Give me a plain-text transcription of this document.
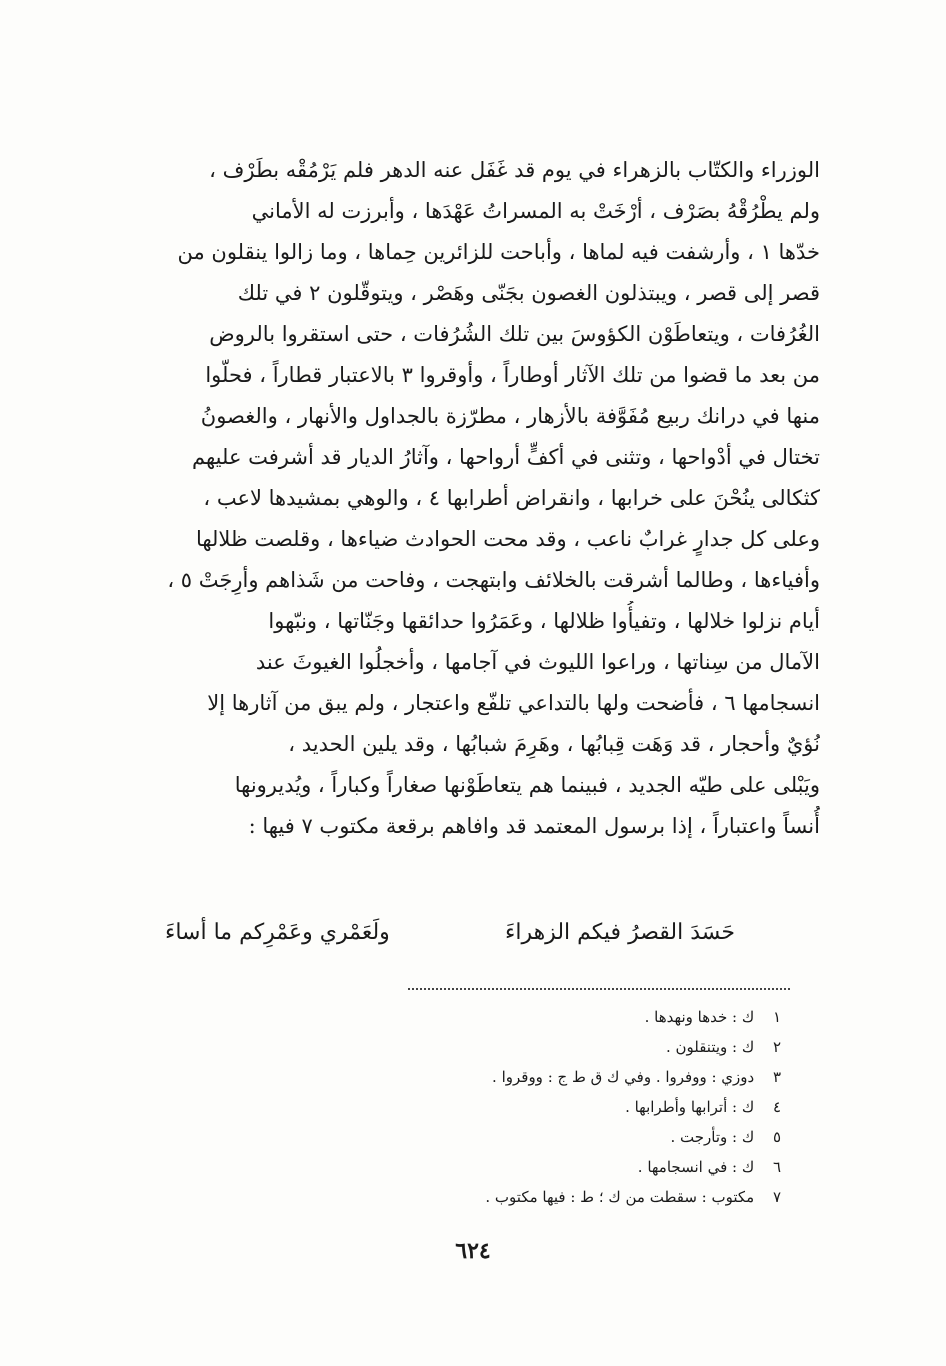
الوزراء والكتّاب بالزهراء في يوم قد غَفَل عنه الدهر فلم يَرْمُقْه بطَرْف ،
ولم يطْرُقْهُ بصَرْف ، أرْخَتْ به المسراتُ عَهْدَها ، وأبرزت له الأماني
خدّها ١ ، وأرشفت فيه لماها ، وأباحت للزائرين حِماها ، وما زالوا ينقلون من
قصر إلى قصر ، ويبتذلون الغصون بجَنّى وهَصْر ، ويتوقّلون ٢ في تلك
الغُرُفات ، ويتعاطَوْن الكؤوسَ بين تلك الشُرُفات ، حتى استقروا بالروض
من بعد ما قضوا من تلك الآثار أوطاراً ، وأوقروا ٣ بالاعتبار قطاراً ، فحلّوا
منها في درانك ربيع مُفَوَّفة بالأزهار ، مطرّزة بالجداول والأنهار ، والغصونُ
تختال في أدْواحها ، وتثنى في أكفٍّ أرواحها ، وآثارُ الديار قد أشرفت عليهم
كثكالى ينُحْنَ على خرابها ، وانقراض أطرابها ٤ ، والوهي بمشيدها لاعب ،
وعلى كل جدارٍ غرابٌ ناعب ، وقد محت الحوادث ضياءها ، وقلصت ظلالها
وأفياءها ، وطالما أشرقت بالخلائف وابتهجت ، وفاحت من شَذاهم وأرِجَتْ ٥ ،
أيام نزلوا خلالها ، وتفيأُوا ظلالها ، وعَمَرُوا حدائقها وجَنّاتها ، ونبّهوا
الآمال من سِناتها ، وراعوا الليوث في آجامها ، وأخجلُوا الغيوثَ عند
انسجامها ٦ ، فأضحت ولها بالتداعي تلفّع واعتجار ، ولم يبق من آثارها إلا
نُؤيٌ وأحجار ، قد وَهَت قِبابُها ، وهَرِمَ شبابُها ، وقد يلين الحديد ،
ويَبْلى على طيّه الجديد ، فبينما هم يتعاطَوْنها صغاراً وكباراً ، ويُديرونها
أُنساً واعتباراً ، إذا برسول المعتمد قد وافاهم برقعة مكتوب ٧ فيها :
حَسَدَ القصرُ فيكم الزهراءَ
ولَعَمْري وعَمْرِكم ما أساءَ
١ ك : خدها ونهدها .
٢ ك : ويتنقلون .
٣ دوزي : ووفروا . وفي ك ق ط ج : ووقروا .
٤ ك : أترابها وأطرابها .
٥ ك : وتأرجت .
٦ ك : في انسجامها .
٧ مكتوب : سقطت من ك ؛ ط : فيها مكتوب .
٦٢٤
